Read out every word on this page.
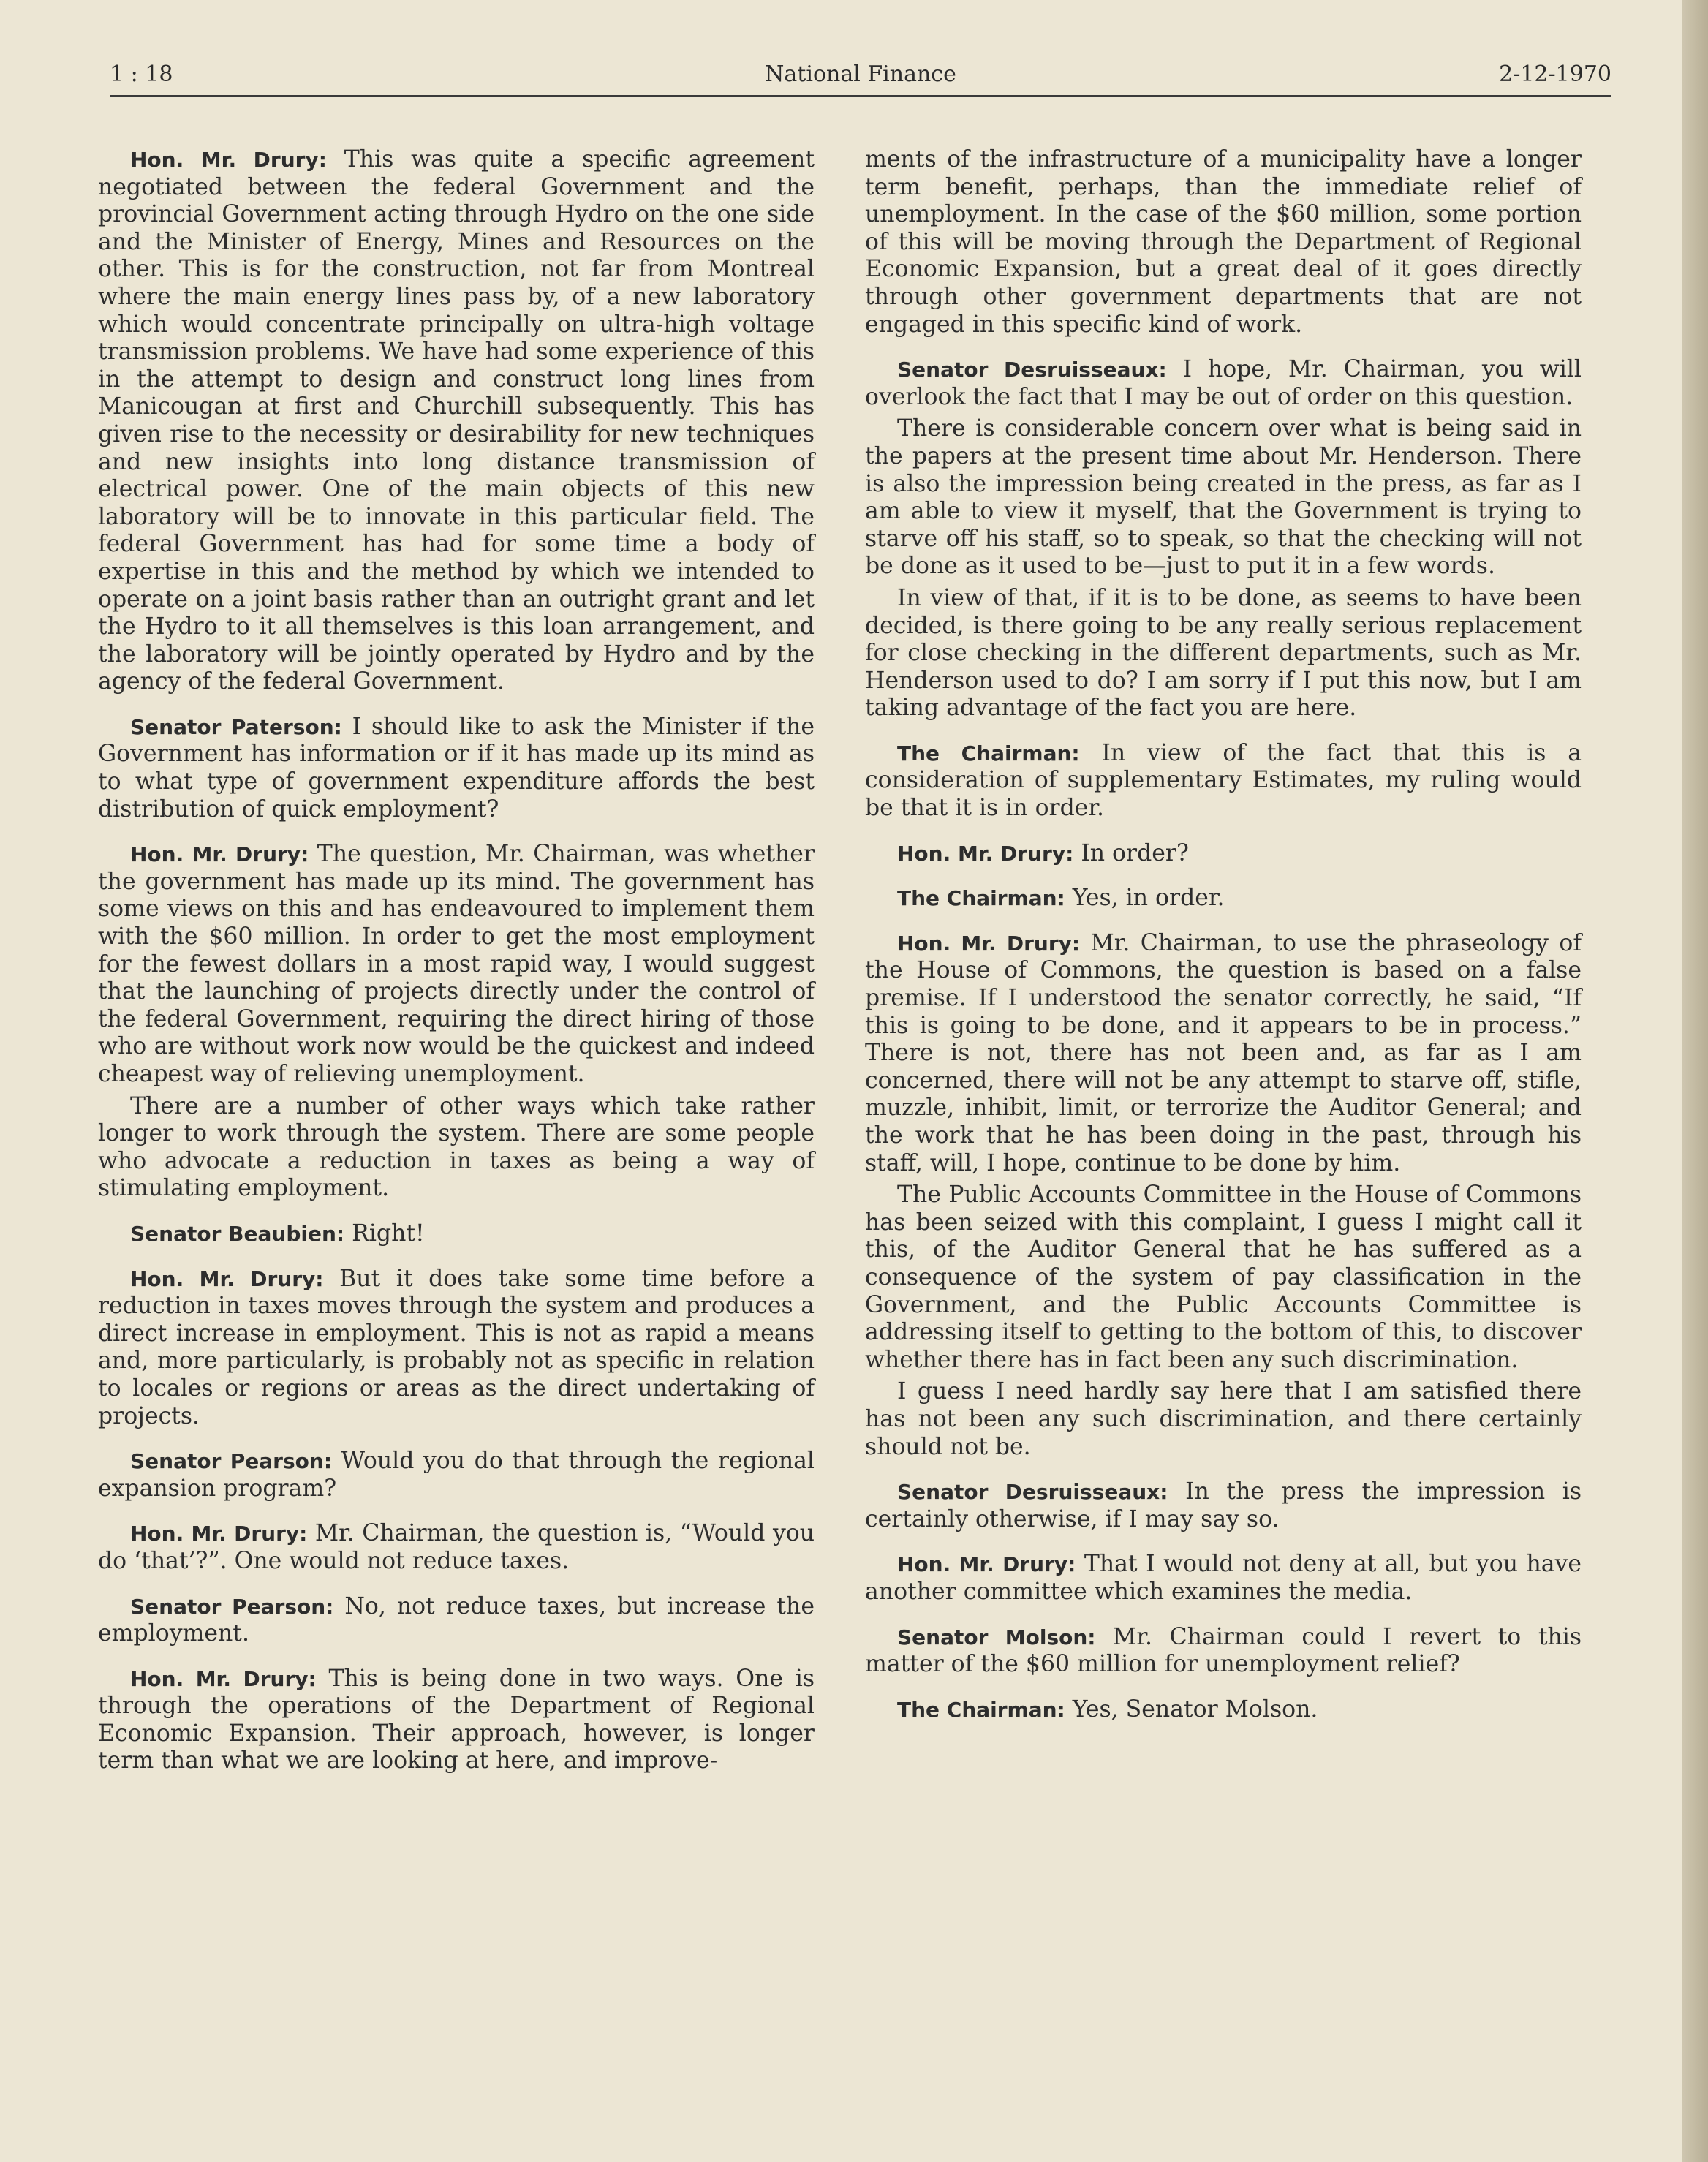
1 : 18	National Finance	2-12-1970

Hon. Mr. Drury: This was quite a specific agreement negotiated between the federal Government and the provincial Government acting through Hydro on the one side and the Minister of Energy, Mines and Resources on the other. This is for the construction, not far from Montreal where the main energy lines pass by, of a new laboratory which would concentrate principally on ultra-high voltage transmission problems. We have had some experience of this in the attempt to design and construct long lines from Manicougan at first and Churchill subsequently. This has given rise to the necessity or desirability for new techniques and new insights into long distance transmission of electrical power. One of the main objects of this new laboratory will be to innovate in this particular field. The federal Government has had for some time a body of expertise in this and the method by which we intended to operate on a joint basis rather than an outright grant and let the Hydro to it all themselves is this loan arrangement, and the laboratory will be jointly operated by Hydro and by the agency of the federal Government.

Senator Paterson: I should like to ask the Minister if the Government has information or if it has made up its mind as to what type of government expenditure affords the best distribution of quick employment?

Hon. Mr. Drury: The question, Mr. Chairman, was whether the government has made up its mind. The government has some views on this and has endeavoured to implement them with the $60 million. In order to get the most employment for the fewest dollars in a most rapid way, I would suggest that the launching of projects directly under the control of the federal Government, requiring the direct hiring of those who are without work now would be the quickest and indeed cheapest way of relieving unemployment.

There are a number of other ways which take rather longer to work through the system. There are some people who advocate a reduction in taxes as being a way of stimulating employment.

Senator Beaubien: Right!

Hon. Mr. Drury: But it does take some time before a reduction in taxes moves through the system and produces a direct increase in employment. This is not as rapid a means and, more particularly, is probably not as specific in relation to locales or regions or areas as the direct undertaking of projects.

Senator Pearson: Would you do that through the regional expansion program?

Hon. Mr. Drury: Mr. Chairman, the question is, “Would you do ‘that’?”. One would not reduce taxes.

Senator Pearson: No, not reduce taxes, but increase the employment.

Hon. Mr. Drury: This is being done in two ways. One is through the operations of the Department of Regional Economic Expansion. Their approach, however, is longer term than what we are looking at here, and improve-

ments of the infrastructure of a municipality have a longer term benefit, perhaps, than the immediate relief of unemployment. In the case of the $60 million, some portion of this will be moving through the Department of Regional Economic Expansion, but a great deal of it goes directly through other government departments that are not engaged in this specific kind of work.

Senator Desruisseaux: I hope, Mr. Chairman, you will overlook the fact that I may be out of order on this question.

There is considerable concern over what is being said in the papers at the present time about Mr. Henderson. There is also the impression being created in the press, as far as I am able to view it myself, that the Government is trying to starve off his staff, so to speak, so that the checking will not be done as it used to be—just to put it in a few words.

In view of that, if it is to be done, as seems to have been decided, is there going to be any really serious replacement for close checking in the different departments, such as Mr. Henderson used to do? I am sorry if I put this now, but I am taking advantage of the fact you are here.

The Chairman: In view of the fact that this is a consideration of supplementary Estimates, my ruling would be that it is in order.

Hon. Mr. Drury: In order?

The Chairman: Yes, in order.

Hon. Mr. Drury: Mr. Chairman, to use the phraseology of the House of Commons, the question is based on a false premise. If I understood the senator correctly, he said, “If this is going to be done, and it appears to be in process.” There is not, there has not been and, as far as I am concerned, there will not be any attempt to starve off, stifle, muzzle, inhibit, limit, or terrorize the Auditor General; and the work that he has been doing in the past, through his staff, will, I hope, continue to be done by him.

The Public Accounts Committee in the House of Commons has been seized with this complaint, I guess I might call it this, of the Auditor General that he has suffered as a consequence of the system of pay classification in the Government, and the Public Accounts Committee is addressing itself to getting to the bottom of this, to discover whether there has in fact been any such discrimination.

I guess I need hardly say here that I am satisfied there has not been any such discrimination, and there certainly should not be.

Senator Desruisseaux: In the press the impression is certainly otherwise, if I may say so.

Hon. Mr. Drury: That I would not deny at all, but you have another committee which examines the media.

Senator Molson: Mr. Chairman could I revert to this matter of the $60 million for unemployment relief?

The Chairman: Yes, Senator Molson.
